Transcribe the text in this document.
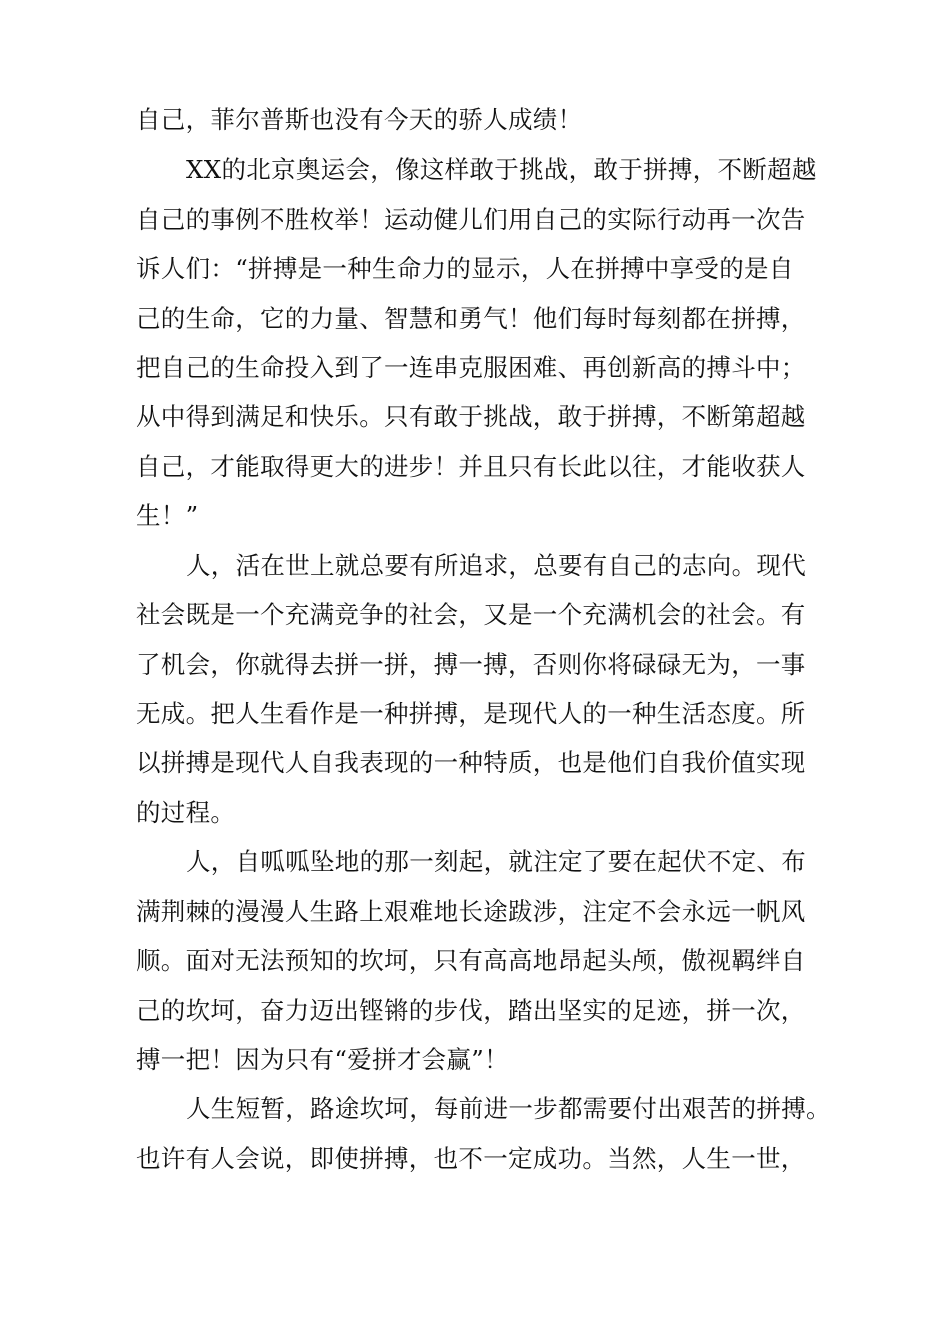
自己，菲尔普斯也没有今天的骄人成绩！
XX的北京奥运会，像这样敢于挑战，敢于拼搏，不断超越
自己的事例不胜枚举！运动健儿们用自己的实际行动再一次告
诉人们：“拼搏是一种生命力的显示，人在拼搏中享受的是自
己的生命，它的力量、智慧和勇气！他们每时每刻都在拼搏，
把自己的生命投入到了一连串克服困难、再创新高的搏斗中；
从中得到满足和快乐。只有敢于挑战，敢于拼搏，不断第超越
自己，才能取得更大的进步！并且只有长此以往，才能收获人
生！”
人，活在世上就总要有所追求，总要有自己的志向。现代
社会既是一个充满竞争的社会，又是一个充满机会的社会。有
了机会，你就得去拼一拼，搏一搏，否则你将碌碌无为，一事
无成。把人生看作是一种拼搏，是现代人的一种生活态度。所
以拼搏是现代人自我表现的一种特质，也是他们自我价值实现
的过程。
人，自呱呱坠地的那一刻起，就注定了要在起伏不定、布
满荆棘的漫漫人生路上艰难地长途跋涉，注定不会永远一帆风
顺。面对无法预知的坎坷，只有高高地昂起头颅，傲视羁绊自
己的坎坷，奋力迈出铿锵的步伐，踏出坚实的足迹，拼一次，
搏一把！因为只有“爱拼才会赢”！
人生短暂，路途坎坷，每前进一步都需要付出艰苦的拼搏。
也许有人会说，即使拼搏，也不一定成功。当然，人生一世，
